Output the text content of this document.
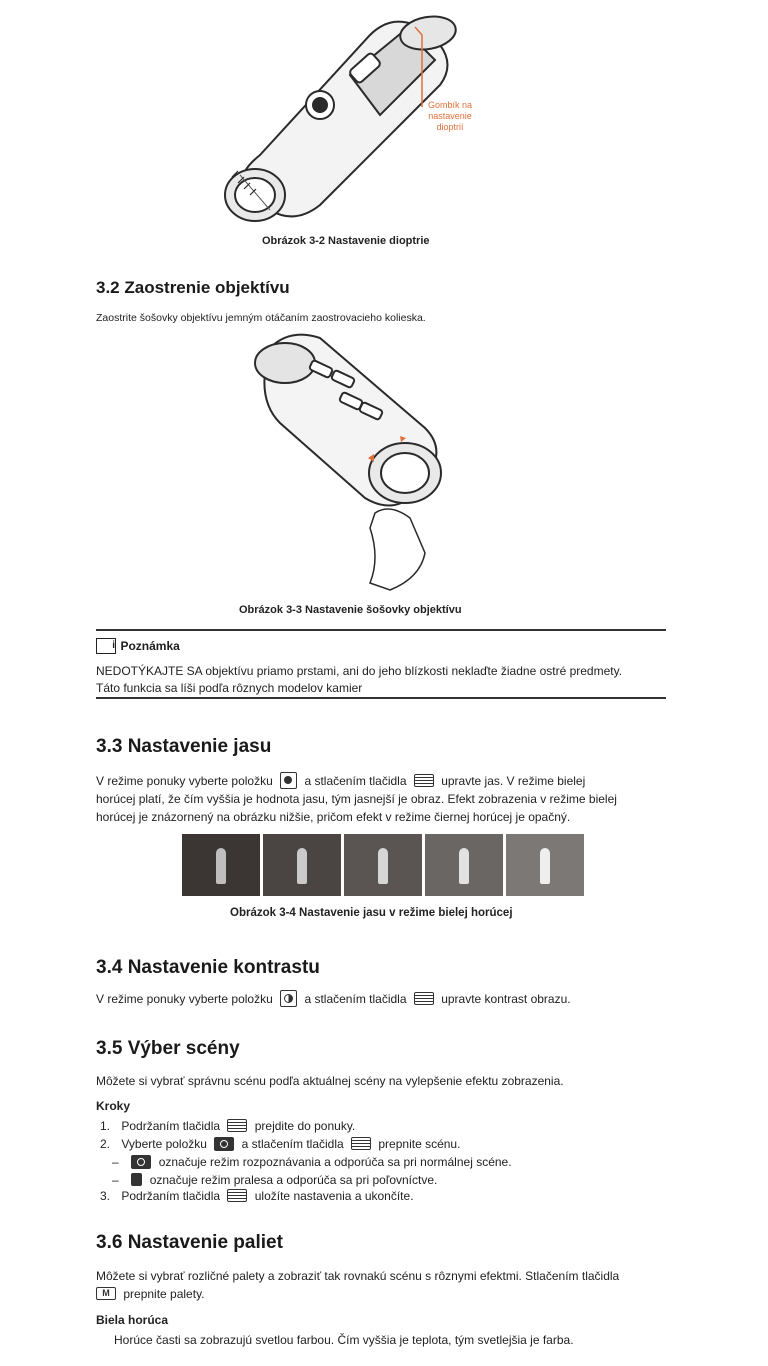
Gombík na
nastavenie
dioptrií
Obrázok 3-2 Nastavenie dioptrie
3.2 Zaostrenie objektívu
Zaostrite šošovky objektívu jemným otáčaním zaostrovacieho kolieska.
Obrázok 3-3 Nastavenie šošovky objektívu
i Poznámka
NEDOTÝKAJTE SA objektívu priamo prstami, ani do jeho blízkosti neklaďte žiadne ostré predmety.
Táto funkcia sa líši podľa rôznych modelov kamier
3.3 Nastavenie jasu
V režime ponuky vyberte položku	a stlačením tlačidla	upravte jas. V režime bielej
horúcej platí, že čím vyššia je hodnota jasu, tým jasnejší je obraz. Efekt zobrazenia v režime bielej
horúcej je znázornený na obrázku nižšie, pričom efekt v režime čiernej horúcej je opačný.
Obrázok 3-4 Nastavenie jasu v režime bielej horúcej
3.4 Nastavenie kontrastu
V režime ponuky vyberte položku	a stlačením tlačidla	upravte kontrast obrazu.
3.5 Výber scény
Môžete si vybrať správnu scénu podľa aktuálnej scény na vylepšenie efektu zobrazenia.
Kroky
1. Podržaním tlačidla	prejdite do ponuky.
2. Vyberte položku	a stlačením tlačidla	prepnite scénu.
–	označuje režim rozpoznávania a odporúča sa pri normálnej scéne.
–	označuje režim pralesa a odporúča sa pri poľovníctve.
3. Podržaním tlačidla	uložíte nastavenia a ukončíte.
3.6 Nastavenie paliet
Môžete si vybrať rozličné palety a zobraziť tak rovnakú scénu s rôznymi efektmi. Stlačením tlačidla
M prepnite palety.
Biela horúca
Horúce časti sa zobrazujú svetlou farbou. Čím vyššia je teplota, tým svetlejšia je farba.
